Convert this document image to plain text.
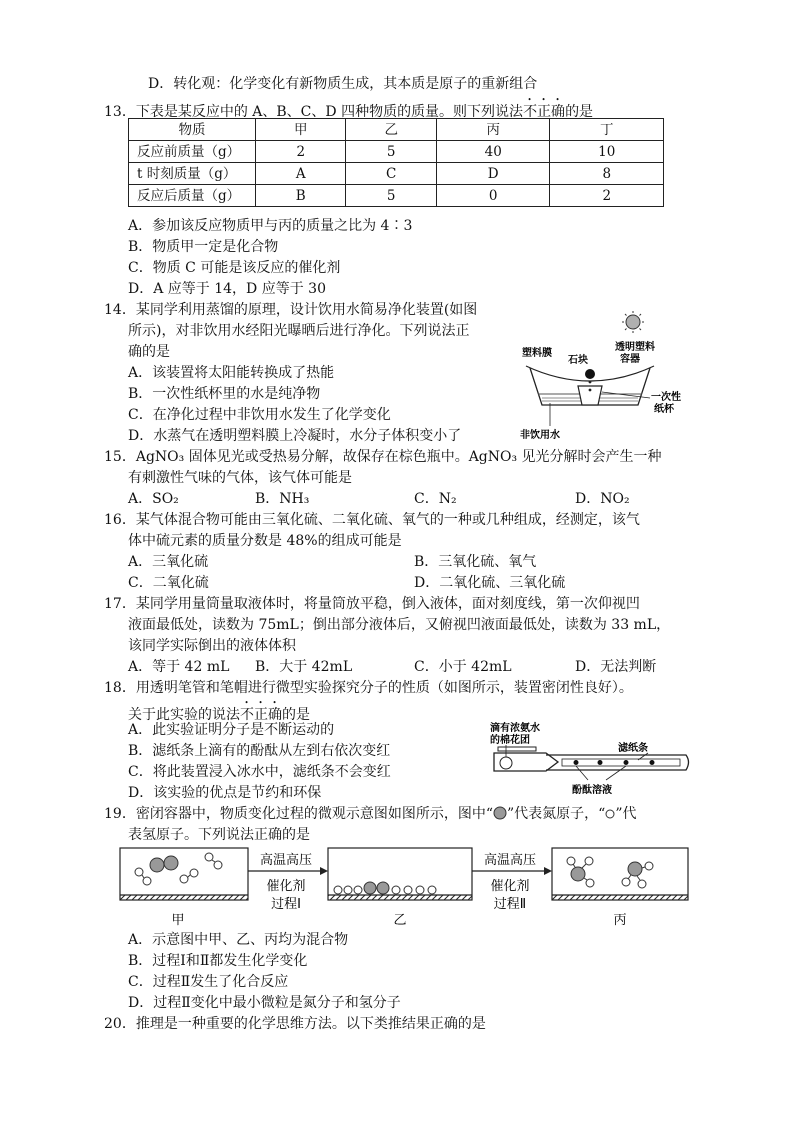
D．转化观：化学变化有新物质生成，其本质是原子的重新组合
13．下表是某反应中的 A、B、C、D 四种物质的质量。则下列说法不正确的是
物质	甲	乙	丙	丁
反应前质量（g）	2	5	40	10
t 时刻质量（g）	A	C	D	8
反应后质量（g）	B	5	0	2
A．参加该反应物质甲与丙的质量之比为 4∶3
B．物质甲一定是化合物
C．物质 C 可能是该反应的催化剂
D．A 应等于 14，D 应等于 30
14．某同学利用蒸馏的原理，设计饮用水简易净化装置(如图
所示)，对非饮用水经阳光曝晒后进行净化。下列说法正
确的是
A．该装置将太阳能转换成了热能
B．一次性纸杯里的水是纯净物
C．在净化过程中非饮用水发生了化学变化
D．水蒸气在透明塑料膜上冷凝时，水分子体积变小了
塑料膜
石块
透明塑料
容器
一次性
纸杯
非饮用水
15．AgNO₃ 固体见光或受热易分解，故保存在棕色瓶中。AgNO₃ 见光分解时会产生一种
有刺激性气味的气体，该气体可能是
A．SO₂	B．NH₃	C．N₂	D．NO₂
16．某气体混合物可能由三氧化硫、二氧化硫、氧气的一种或几种组成，经测定，该气
体中硫元素的质量分数是 48%的组成可能是
A．三氧化硫	B．三氧化硫、氧气
C．二氧化硫	D．二氧化硫、三氧化硫
17．某同学用量筒量取液体时，将量筒放平稳，倒入液体，面对刻度线，第一次仰视凹
液面最低处，读数为 75mL；倒出部分液体后，又俯视凹液面最低处，读数为 33 mL，
该同学实际倒出的液体体积
A．等于 42 mL B．大于 42mL	C．小于 42mL	D．无法判断
18．用透明笔管和笔帽进行微型实验探究分子的性质（如图所示，装置密闭性良好）。
关于此实验的说法不正确的是
A．此实验证明分子是不断运动的
B．滤纸条上滴有的酚酞从左到右依次变红
C．将此装置浸入冰水中，滤纸条不会变红
D．该实验的优点是节约和环保
滴有浓氨水
的棉花团
滤纸条
酚酞溶液
19．密闭容器中，物质变化过程的微观示意图如图所示，图中“ ”代表氮原子，“ ”代
表氢原子。下列说法正确的是
甲
高温高压
催化剂
过程Ⅰ
乙
高温高压
催化剂
过程Ⅱ
丙
A．示意图中甲、乙、丙均为混合物
B．过程Ⅰ和Ⅱ都发生化学变化
C．过程Ⅱ发生了化合反应
D．过程Ⅱ变化中最小微粒是氮分子和氢分子
20．推理是一种重要的化学思维方法。以下类推结果正确的是
